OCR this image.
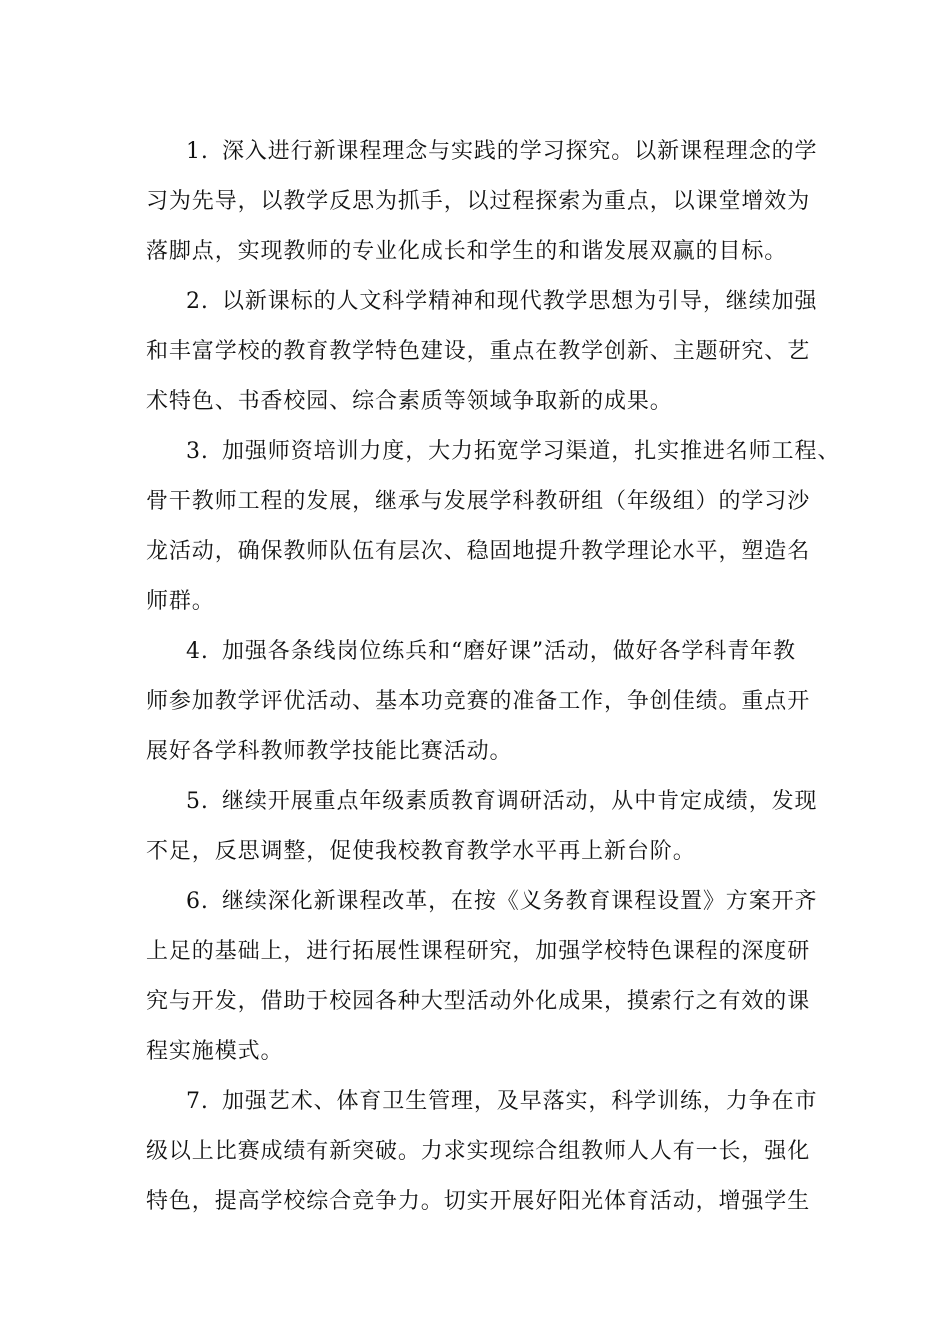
1. 深入进行新课程理念与实践的学习探究。以新课程理念的学
习为先导，以教学反思为抓手，以过程探索为重点，以课堂增效为
落脚点，实现教师的专业化成长和学生的和谐发展双赢的目标。
2. 以新课标的人文科学精神和现代教学思想为引导，继续加强
和丰富学校的教育教学特色建设，重点在教学创新、主题研究、艺
术特色、书香校园、综合素质等领域争取新的成果。
3. 加强师资培训力度，大力拓宽学习渠道，扎实推进名师工程、
骨干教师工程的发展，继承与发展学科教研组（年级组）的学习沙
龙活动，确保教师队伍有层次、稳固地提升教学理论水平，塑造名
师群。
4. 加强各条线岗位练兵和“磨好课”活动，做好各学科青年教
师参加教学评优活动、基本功竞赛的准备工作，争创佳绩。重点开
展好各学科教师教学技能比赛活动。
5. 继续开展重点年级素质教育调研活动，从中肯定成绩，发现
不足，反思调整，促使我校教育教学水平再上新台阶。
6. 继续深化新课程改革，在按《义务教育课程设置》方案开齐
上足的基础上，进行拓展性课程研究，加强学校特色课程的深度研
究与开发，借助于校园各种大型活动外化成果，摸索行之有效的课
程实施模式。
7. 加强艺术、体育卫生管理，及早落实，科学训练，力争在市
级以上比赛成绩有新突破。力求实现综合组教师人人有一长，强化
特色，提高学校综合竞争力。切实开展好阳光体育活动，增强学生
